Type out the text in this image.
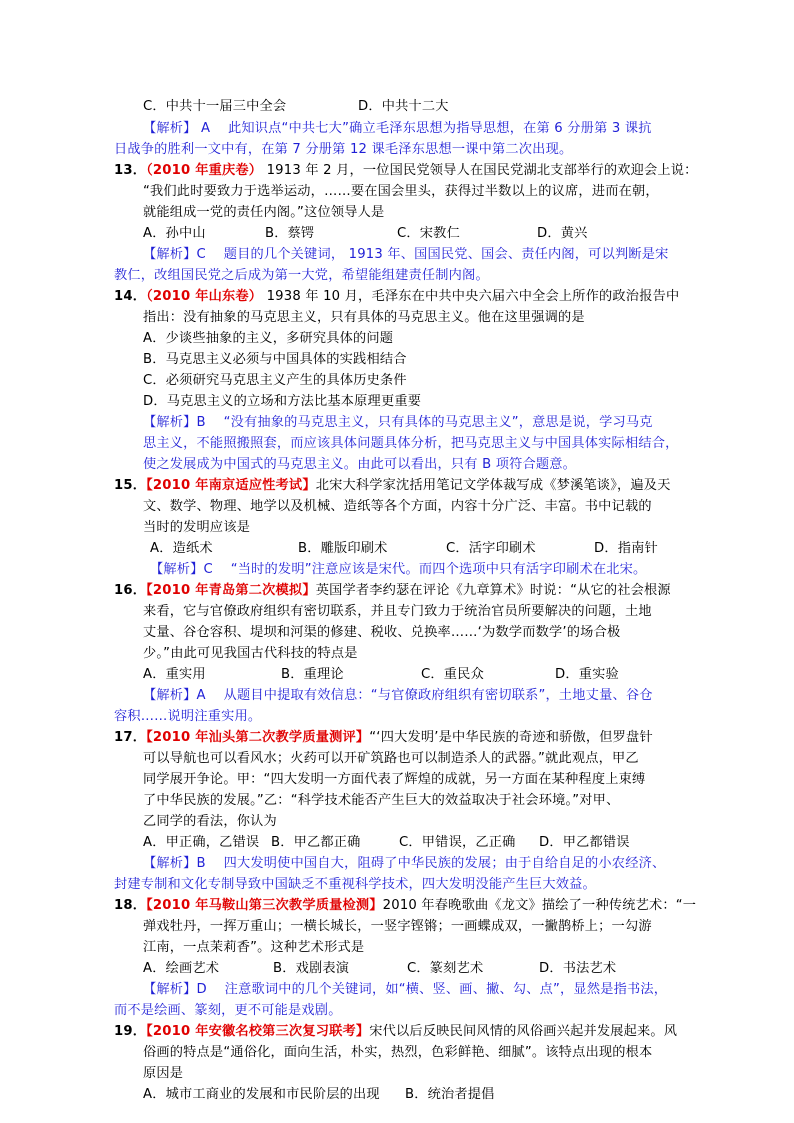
C．中共十一届三中全会	D．中共十二大
【解析】 A　 此知识点“中共七大”确立毛泽东思想为指导思想，在第 6 分册第 3 课抗
日战争的胜利一文中有，在第 7 分册第 12 课毛泽东思想一课中第二次出现。
13．（2010 年重庆卷） 1913 年 2 月，一位国民党领导人在国民党湖北支部举行的欢迎会上说：
“我们此时要致力于选举运动，……要在国会里头，获得过半数以上的议席，进而在朝，
就能组成一党的责任内阁。”这位领导人是
A．孙中山	B．蔡锷	C．宋教仁	D．黄兴
【解析】C　 题目的几个关键词， 1913 年、国国民党、国会、责任内阁，可以判断是宋
教仁，改组国民党之后成为第一大党，希望能组建责任制内阁。
14．（2010 年山东卷） 1938 年 10 月，毛泽东在中共中央六届六中全会上所作的政治报告中
指出：没有抽象的马克思主义，只有具体的马克思主义。他在这里强调的是
A．少谈些抽象的主义，多研究具体的问题
B．马克思主义必须与中国具体的实践相结合
C．必须研究马克思主义产生的具体历史条件
D．马克思主义的立场和方法比基本原理更重要
【解析】B　 “没有抽象的马克思主义，只有具体的马克思主义”，意思是说，学习马克
思主义，不能照搬照套，而应该具体问题具体分析，把马克思主义与中国具体实际相结合，
使之发展成为中国式的马克思主义。由此可以看出，只有 B 项符合题意。
15．【2010 年南京适应性考试】北宋大科学家沈括用笔记文学体裁写成《梦溪笔谈》，遍及天
文、数学、物理、地学以及机械、造纸等各个方面，内容十分广泛、丰富。书中记载的
当时的发明应该是
A．造纸术	B．雕版印刷术	C．活字印刷术	D．指南针
【解析】C　 “当时的发明”注意应该是宋代。而四个选项中只有活字印刷术在北宋。
16．【2010 年青岛第二次模拟】英国学者李约瑟在评论《九章算术》时说：“从它的社会根源
来看，它与官僚政府组织有密切联系，并且专门致力于统治官员所要解决的问题，土地
丈量、谷仓容积、堤坝和河渠的修建、税收、兑换率……‘为数学而数学’的场合极
少。”由此可见我国古代科技的特点是
A．重实用	B．重理论	C．重民众	D．重实验
【解析】A　 从题目中提取有效信息：“与官僚政府组织有密切联系”，土地丈量、谷仓
容积……说明注重实用。
17．【2010 年汕头第二次教学质量测评】“‘四大发明’是中华民族的奇迹和骄傲，但罗盘针
可以导航也可以看风水；火药可以开矿筑路也可以制造杀人的武器。”就此观点，甲乙
同学展开争论。甲：“四大发明一方面代表了辉煌的成就，另一方面在某种程度上束缚
了中华民族的发展。”乙：“科学技术能否产生巨大的效益取决于社会环境。”对甲、
乙同学的看法，你认为
A．甲正确，乙错误 B．甲乙都正确	C．甲错误，乙正确 D．甲乙都错误
【解析】B　 四大发明使中国自大，阻碍了中华民族的发展；由于自给自足的小农经济、
封建专制和文化专制导致中国缺乏不重视科学技术，四大发明没能产生巨大效益。
18．【2010 年马鞍山第三次教学质量检测】2010 年春晚歌曲《龙文》描绘了一种传统艺术：“一
弹戏牡丹，一挥万重山；一横长城长，一竖字铿锵；一画蝶成双，一撇鹊桥上；一勾游
江南，一点茉莉香”。这种艺术形式是
A．绘画艺术	B．戏剧表演	C．篆刻艺术	D．书法艺术
【解析】D　 注意歌词中的几个关键词，如“横、竖、画、撇、勾、点”，显然是指书法，
而不是绘画、篆刻，更不可能是戏剧。
19．【2010 年安徽名校第三次复习联考】宋代以后反映民间风情的风俗画兴起并发展起来。风
俗画的特点是“通俗化，面向生活，朴实，热烈，色彩鲜艳、细腻”。该特点出现的根本
原因是
A．城市工商业的发展和市民阶层的出现 B．统治者提倡
